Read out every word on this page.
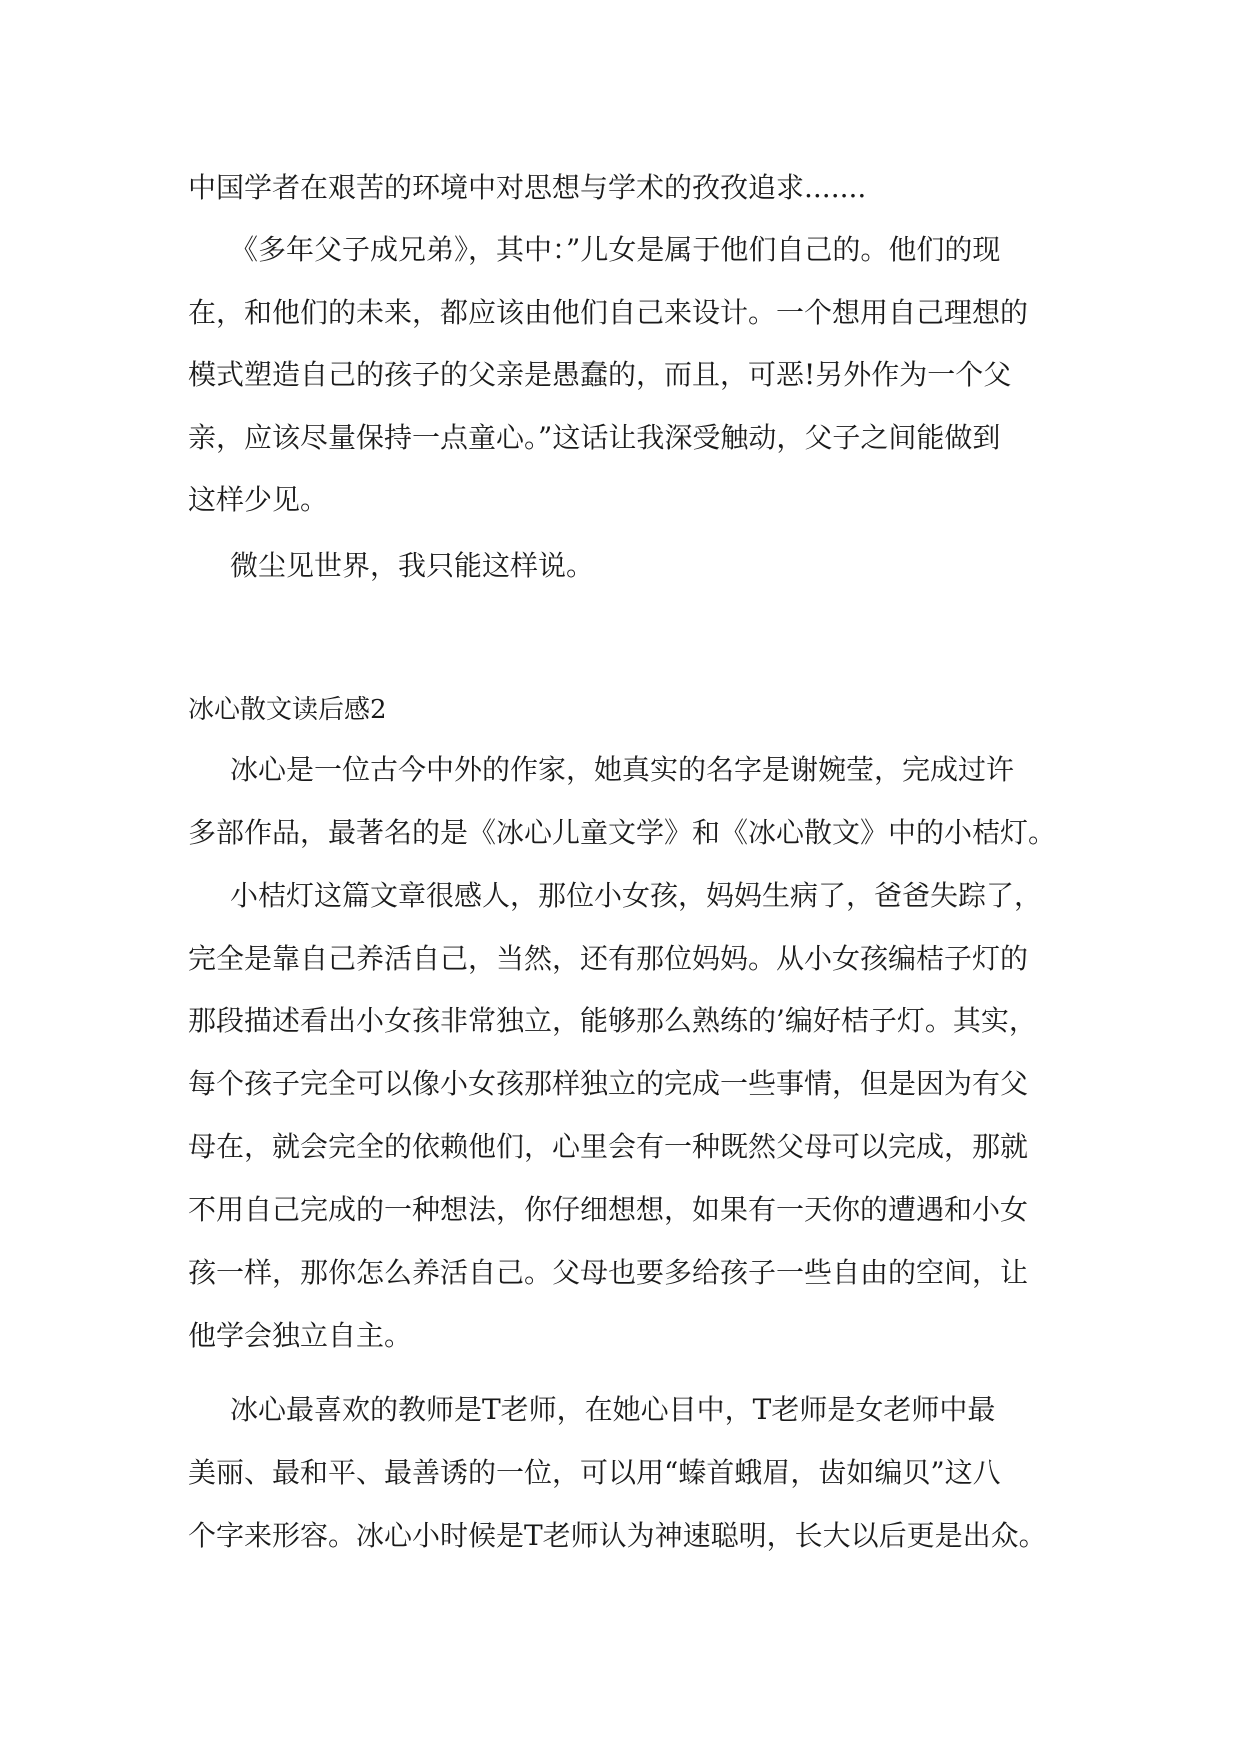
中国学者在艰苦的环境中对思想与学术的孜孜追求.......

《多年父子成兄弟》，其中：”儿女是属于他们自己的。他们的现

在，和他们的未来，都应该由他们自己来设计。一个想用自己理想的

模式塑造自己的孩子的父亲是愚蠢的，而且，可恶!另外作为一个父

亲，应该尽量保持一点童心。”这话让我深受触动，父子之间能做到

这样少见。

微尘见世界，我只能这样说。

冰心散文读后感2

冰心是一位古今中外的作家，她真实的名字是谢婉莹，完成过许

多部作品，最著名的是《冰心儿童文学》和《冰心散文》中的小桔灯。

小桔灯这篇文章很感人，那位小女孩，妈妈生病了，爸爸失踪了，

完全是靠自己养活自己，当然，还有那位妈妈。从小女孩编桔子灯的

那段描述看出小女孩非常独立，能够那么熟练的’编好桔子灯。其实，

每个孩子完全可以像小女孩那样独立的完成一些事情，但是因为有父

母在，就会完全的依赖他们，心里会有一种既然父母可以完成，那就

不用自己完成的一种想法，你仔细想想，如果有一天你的遭遇和小女

孩一样，那你怎么养活自己。父母也要多给孩子一些自由的空间，让

他学会独立自主。

冰心最喜欢的教师是T老师，在她心目中，T老师是女老师中最

美丽、最和平、最善诱的一位，可以用“螓首蛾眉，齿如编贝”这八

个字来形容。冰心小时候是T老师认为神速聪明，长大以后更是出众。
